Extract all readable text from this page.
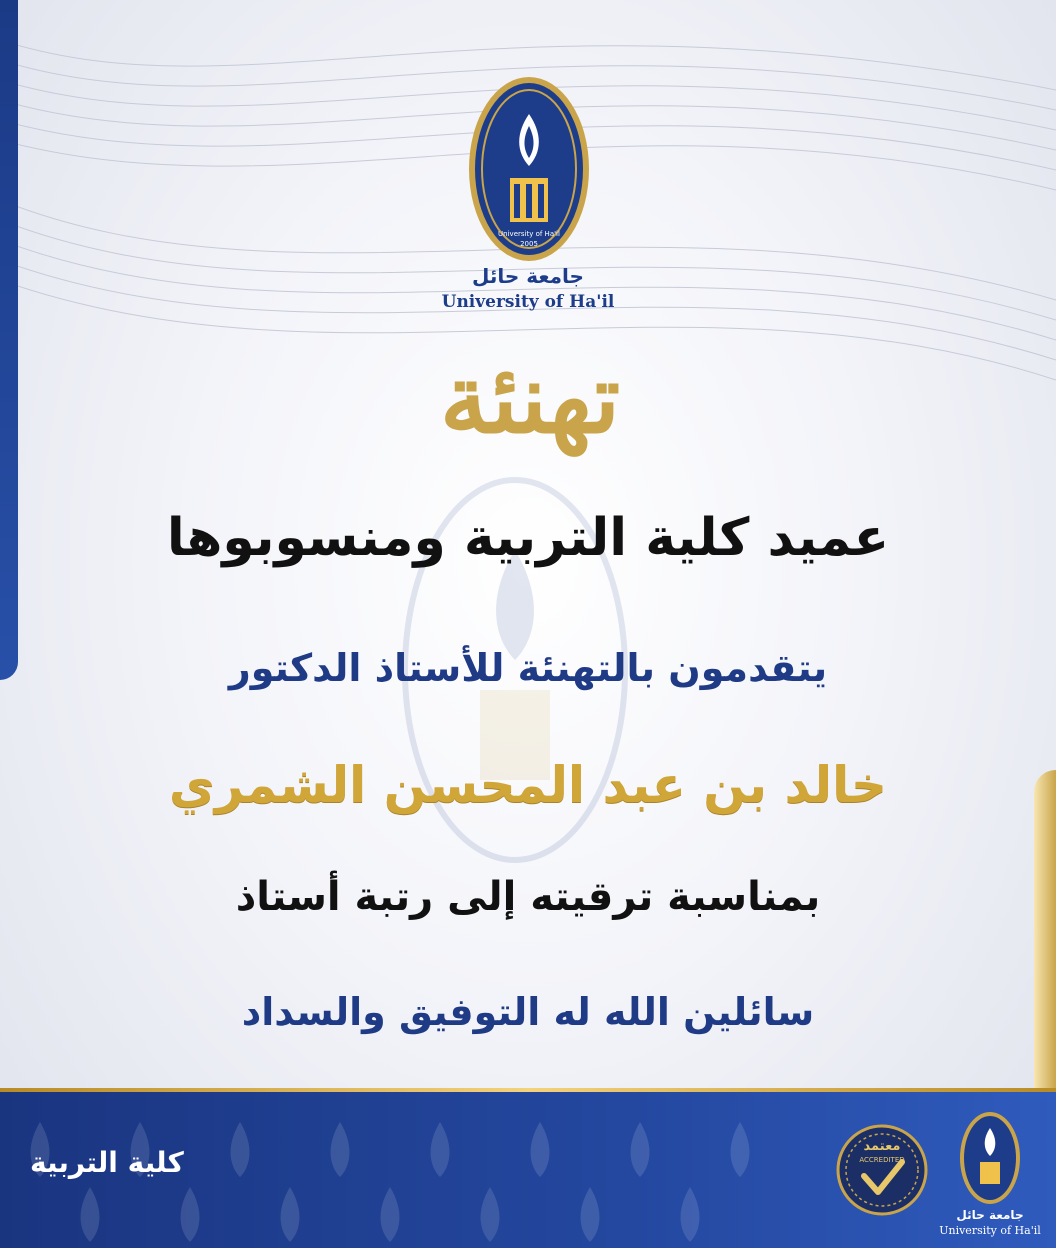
University of Ha'il
2005
جامعة حائل
University of Ha'il
تهنئة
عميد كلية التربية ومنسوبوها
يتقدمون بالتهنئة للأستاذ الدكتور
خالد بن عبد المحسن الشمري
بمناسبة ترقيته إلى رتبة أستاذ
سائلين الله له التوفيق والسداد
كلية التربية	معتمد
ACCREDITED
جامعة حائل
University of Ha'il
